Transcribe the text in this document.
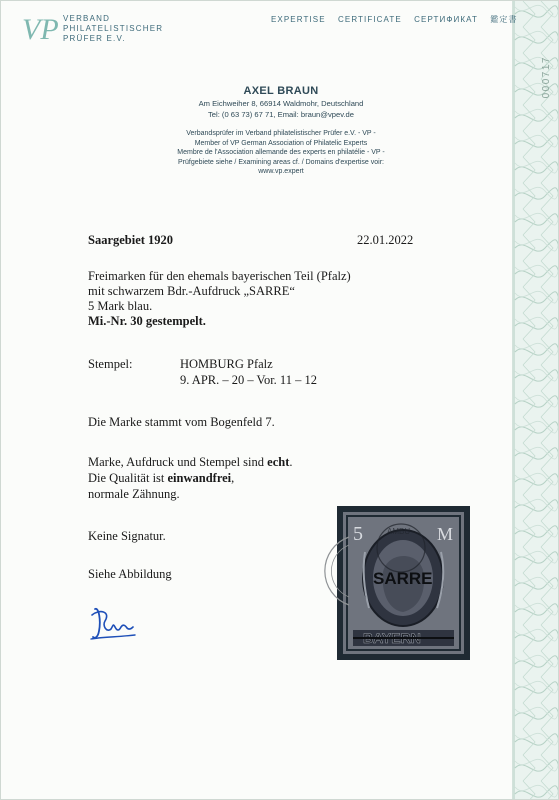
000717
VP VERBAND
PHILATELISTISCHER
PRÜFER E.V.
EXPERTISE CERTIFICATE СЕРТИФИКАТ 鑑定書
AXEL BRAUN
Am Eichweiher 8, 66914 Waldmohr, Deutschland
Tel: (0 63 73) 67 71, Email: braun@vpev.de
Verbandsprüfer im Verband philatelistischer Prüfer e.V. - VP -
Member of VP German Association of Philatelic Experts
Membre de l'Association allemande des experts en philatélie - VP -
Prüfgebiete siehe / Examining areas cf. / Domains d'expertise voir:
www.vp.expert
Saargebiet 1920	22.01.2022
Freimarken für den ehemals bayerischen Teil (Pfalz)
mit schwarzem Bdr.-Aufdruck „SARRE“
5 Mark blau.
Mi.-Nr. 30 gestempelt.
Stempel:	HOMBURG Pfalz
9. APR. – 20 – Vor. 11 – 12
Die Marke stammt vom Bogenfeld 7.
Marke, Aufdruck und Stempel sind echt.
Die Qualität ist einwandfrei,
normale Zähnung.
Keine Signatur.
Siehe Abbildung
5	M
SARRE
BAYERN
AMBU
